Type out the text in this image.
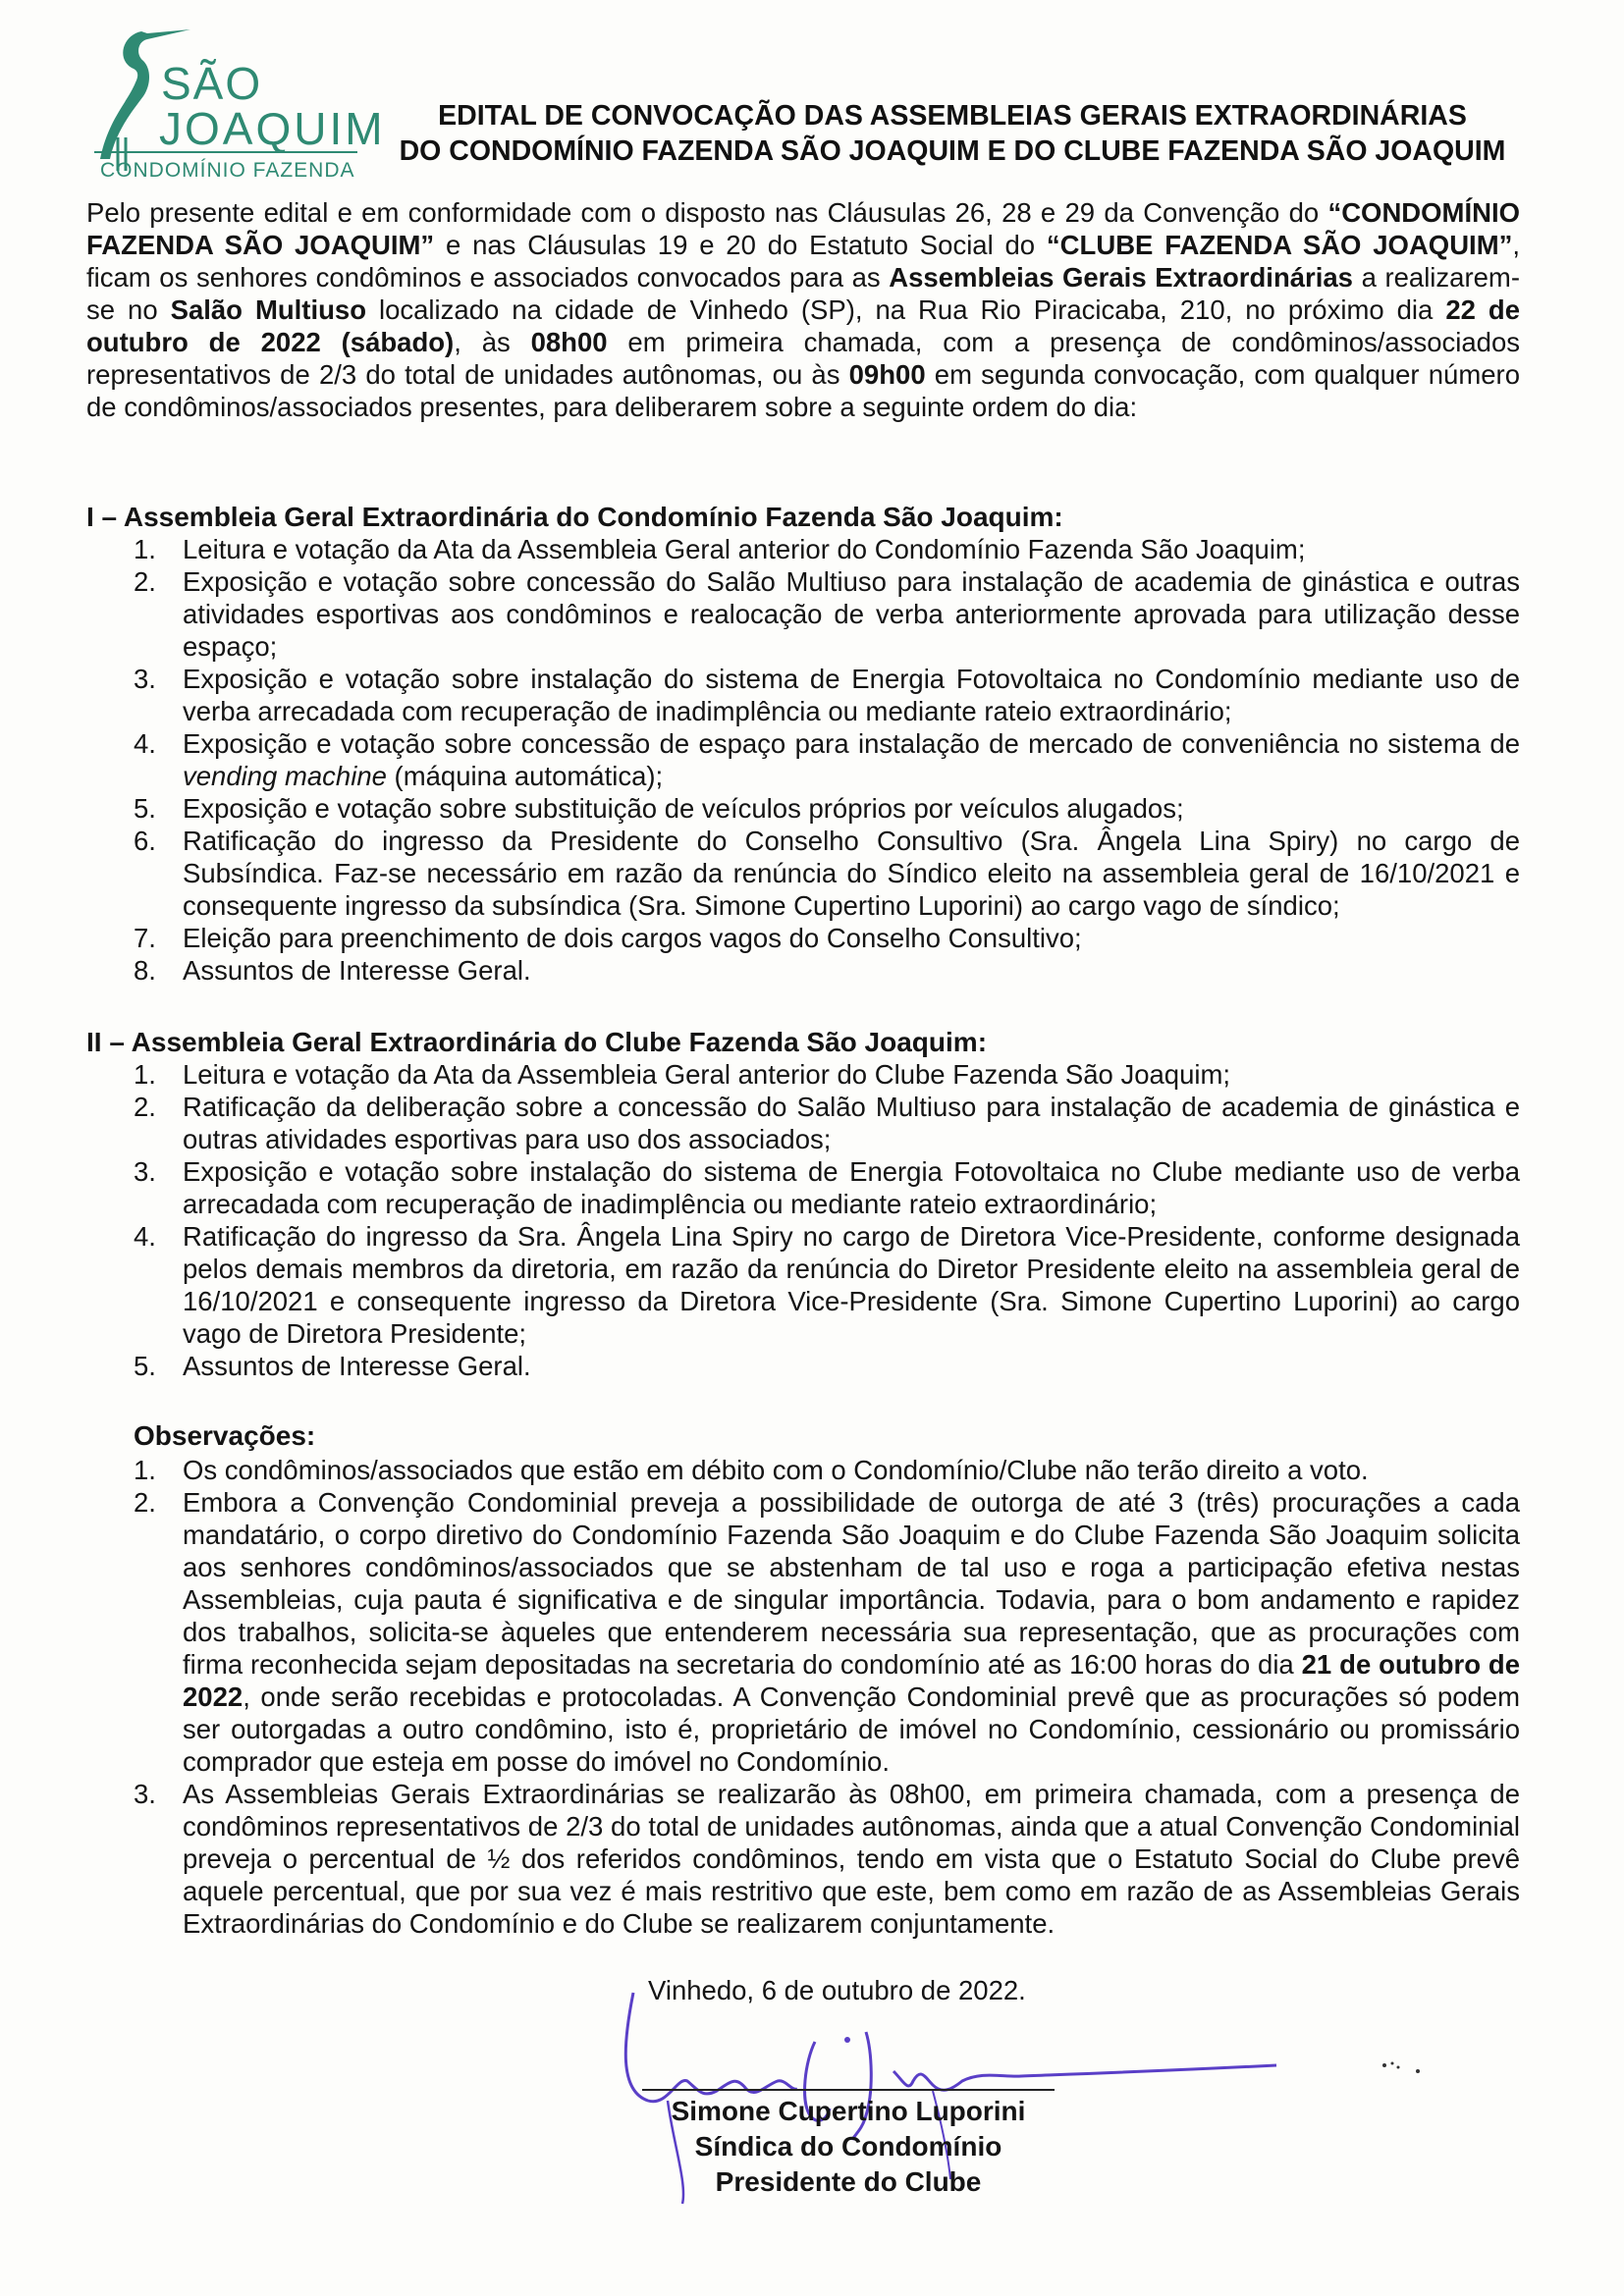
SÃO
JOAQUIM
CONDOMÍNIO FAZENDA
EDITAL DE CONVOCAÇÃO DAS ASSEMBLEIAS GERAIS EXTRAORDINÁRIAS
DO CONDOMÍNIO FAZENDA SÃO JOAQUIM E DO CLUBE FAZENDA SÃO JOAQUIM

Pelo presente edital e em conformidade com o disposto nas Cláusulas 26, 28 e 29 da Convenção do “CONDOMÍNIO FAZENDA SÃO JOAQUIM” e nas Cláusulas 19 e 20 do Estatuto Social do “CLUBE FAZENDA SÃO JOAQUIM”, ficam os senhores condôminos e associados convocados para as Assembleias Gerais Extraordinárias a realizarem-se no Salão Multiuso localizado na cidade de Vinhedo (SP), na Rua Rio Piracicaba, 210, no próximo dia 22 de outubro de 2022 (sábado), às 08h00 em primeira chamada, com a presença de condôminos/associados representativos de 2/3 do total de unidades autônomas, ou às 09h00 em segunda convocação, com qualquer número de condôminos/associados presentes, para deliberarem sobre a seguinte ordem do dia:

I – Assembleia Geral Extraordinária do Condomínio Fazenda São Joaquim:
1. Leitura e votação da Ata da Assembleia Geral anterior do Condomínio Fazenda São Joaquim;
2. Exposição e votação sobre concessão do Salão Multiuso para instalação de academia de ginástica e outras atividades esportivas aos condôminos e realocação de verba anteriormente aprovada para utilização desse espaço;
3. Exposição e votação sobre instalação do sistema de Energia Fotovoltaica no Condomínio mediante uso de verba arrecadada com recuperação de inadimplência ou mediante rateio extraordinário;
4. Exposição e votação sobre concessão de espaço para instalação de mercado de conveniência no sistema de vending machine (máquina automática);
5. Exposição e votação sobre substituição de veículos próprios por veículos alugados;
6. Ratificação do ingresso da Presidente do Conselho Consultivo (Sra. Ângela Lina Spiry) no cargo de Subsíndica. Faz-se necessário em razão da renúncia do Síndico eleito na assembleia geral de 16/10/2021 e consequente ingresso da subsíndica (Sra. Simone Cupertino Luporini) ao cargo vago de síndico;
7. Eleição para preenchimento de dois cargos vagos do Conselho Consultivo;
8. Assuntos de Interesse Geral.
II – Assembleia Geral Extraordinária do Clube Fazenda São Joaquim:
1. Leitura e votação da Ata da Assembleia Geral anterior do Clube Fazenda São Joaquim;
2. Ratificação da deliberação sobre a concessão do Salão Multiuso para instalação de academia de ginástica e outras atividades esportivas para uso dos associados;
3. Exposição e votação sobre instalação do sistema de Energia Fotovoltaica no Clube mediante uso de verba arrecadada com recuperação de inadimplência ou mediante rateio extraordinário;
4. Ratificação do ingresso da Sra. Ângela Lina Spiry no cargo de Diretora Vice-Presidente, conforme designada pelos demais membros da diretoria, em razão da renúncia do Diretor Presidente eleito na assembleia geral de 16/10/2021 e consequente ingresso da Diretora Vice-Presidente (Sra. Simone Cupertino Luporini) ao cargo vago de Diretora Presidente;
5. Assuntos de Interesse Geral.
Observações:
1. Os condôminos/associados que estão em débito com o Condomínio/Clube não terão direito a voto.
2. Embora a Convenção Condominial preveja a possibilidade de outorga de até 3 (três) procurações a cada mandatário, o corpo diretivo do Condomínio Fazenda São Joaquim e do Clube Fazenda São Joaquim solicita aos senhores condôminos/associados que se abstenham de tal uso e roga a participação efetiva nestas Assembleias, cuja pauta é significativa e de singular importância. Todavia, para o bom andamento e rapidez dos trabalhos, solicita-se àqueles que entenderem necessária sua representação, que as procurações com firma reconhecida sejam depositadas na secretaria do condomínio até as 16:00 horas do dia 21 de outubro de 2022, onde serão recebidas e protocoladas. A Convenção Condominial prevê que as procurações só podem ser outorgadas a outro condômino, isto é, proprietário de imóvel no Condomínio, cessionário ou promissário comprador que esteja em posse do imóvel no Condomínio.
3. As Assembleias Gerais Extraordinárias se realizarão às 08h00, em primeira chamada, com a presença de condôminos representativos de 2/3 do total de unidades autônomas, ainda que a atual Convenção Condominial preveja o percentual de ½ dos referidos condôminos, tendo em vista que o Estatuto Social do Clube prevê aquele percentual, que por sua vez é mais restritivo que este, bem como em razão de as Assembleias Gerais Extraordinárias do Condomínio e do Clube se realizarem conjuntamente.
Vinhedo, 6 de outubro de 2022.
Simone Cupertino Luporini
Síndica do Condomínio
Presidente do Clube
